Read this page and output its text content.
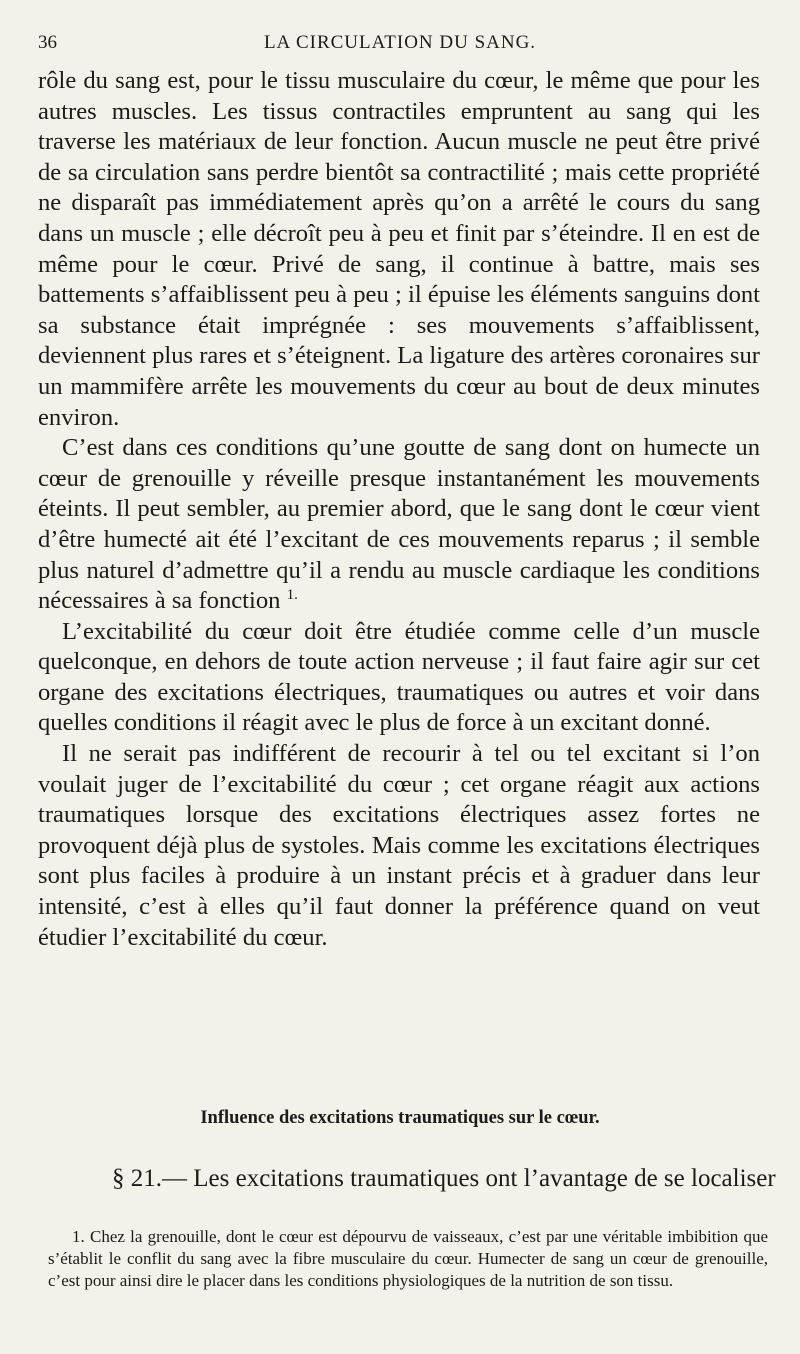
36	LA CIRCULATION DU SANG.

rôle du sang est, pour le tissu musculaire du cœur, le même que pour les autres muscles. Les tissus contractiles empruntent au sang qui les traverse les matériaux de leur fonction. Aucun muscle ne peut être privé de sa circulation sans perdre bientôt sa contractilité ; mais cette propriété ne disparaît pas immédiatement après qu’on a arrêté le cours du sang dans un muscle ; elle décroît peu à peu et finit par s’éteindre. Il en est de même pour le cœur. Privé de sang, il continue à battre, mais ses battements s’affaiblissent peu à peu ; il épuise les éléments sanguins dont sa substance était imprégnée : ses mouvements s’affaiblissent, deviennent plus rares et s’éteignent. La ligature des artères coronaires sur un mammifère arrête les mouvements du cœur au bout de deux minutes environ.

C’est dans ces conditions qu’une goutte de sang dont on humecte un cœur de grenouille y réveille presque instantanément les mouvements éteints. Il peut sembler, au premier abord, que le sang dont le cœur vient d’être humecté ait été l’excitant de ces mouvements reparus ; il semble plus naturel d’admettre qu’il a rendu au muscle cardiaque les conditions nécessaires à sa fonction $^{1.}$

L’excitabilité du cœur doit être étudiée comme celle d’un muscle quelconque, en dehors de toute action nerveuse ; il faut faire agir sur cet organe des excitations électriques, traumatiques ou autres et voir dans quelles conditions il réagit avec le plus de force à un excitant donné.

Il ne serait pas indifférent de recourir à tel ou tel excitant si l’on voulait juger de l’excitabilité du cœur ; cet organe réagit aux actions traumatiques lorsque des excitations électriques assez fortes ne provoquent déjà plus de systoles. Mais comme les excitations électriques sont plus faciles à produire à un instant précis et à graduer dans leur intensité, c’est à elles qu’il faut donner la préférence quand on veut étudier l’excitabilité du cœur.

Influence des excitations traumatiques sur le cœur.
§ 21.— Les excitations traumatiques ont l’avantage de se localiser

1. Chez la grenouille, dont le cœur est dépourvu de vaisseaux, c’est par une véritable imbibition que s’établit le conflit du sang avec la fibre musculaire du cœur. Humecter de sang un cœur de grenouille, c’est pour ainsi dire le placer dans les conditions physiologiques de la nutrition de son tissu.
